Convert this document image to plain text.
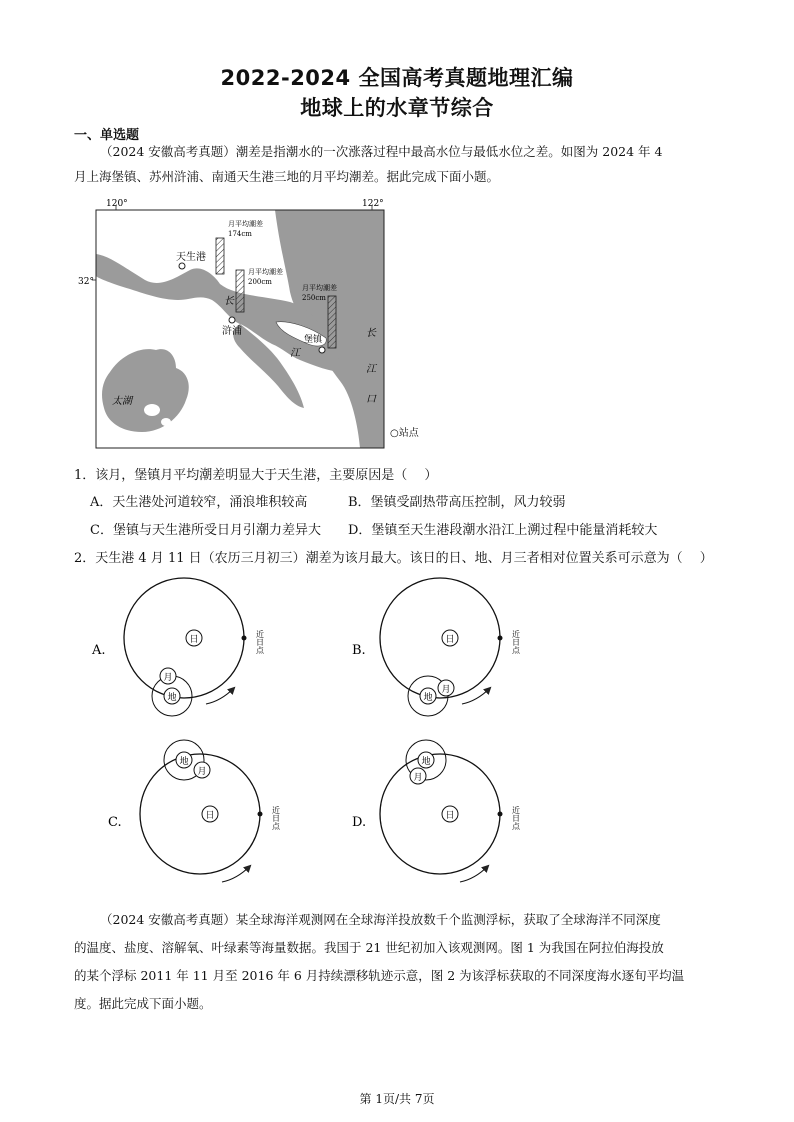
2022-2024 全国高考真题地理汇编
地球上的水章节综合
一、单选题
（2024 安徽高考真题）潮差是指潮水的一次涨落过程中最高水位与最低水位之差。如图为 2024 年 4
月上海堡镇、苏州浒浦、南通天生港三地的月平均潮差。据此完成下面小题。
120°	122°
32°
天生港
浒浦
堡镇
太湖
月平均潮差
174cm
月平均潮差
200cm
月平均潮差
250cm
长
江
长
江
口
○站点
1．该月，堡镇月平均潮差明显大于天生港，主要原因是（　 ）
A．天生港处河道较窄，涌浪堆积较高	B．堡镇受副热带高压控制，风力较弱
C．堡镇与天生港所受日月引潮力差异大 D．堡镇至天生港段潮水沿江上溯过程中能量消耗较大
2．天生港 4 月 11 日（农历三月初三）潮差为该月最大。该日的日、地、月三者相对位置关系可示意为（　 ）
A.
日	近日点
地
月
B.
日	近日点
地
月
C.	日	近日点
地
月
D.	日	近日点
地
月
（2024 安徽高考真题）某全球海洋观测网在全球海洋投放数千个监测浮标，获取了全球海洋不同深度
的温度、盐度、溶解氧、叶绿素等海量数据。我国于 21 世纪初加入该观测网。图 1 为我国在阿拉伯海投放
的某个浮标 2011 年 11 月至 2016 年 6 月持续漂移轨迹示意，图 2 为该浮标获取的不同深度海水逐旬平均温
度。据此完成下面小题。
第 1页/共 7页
